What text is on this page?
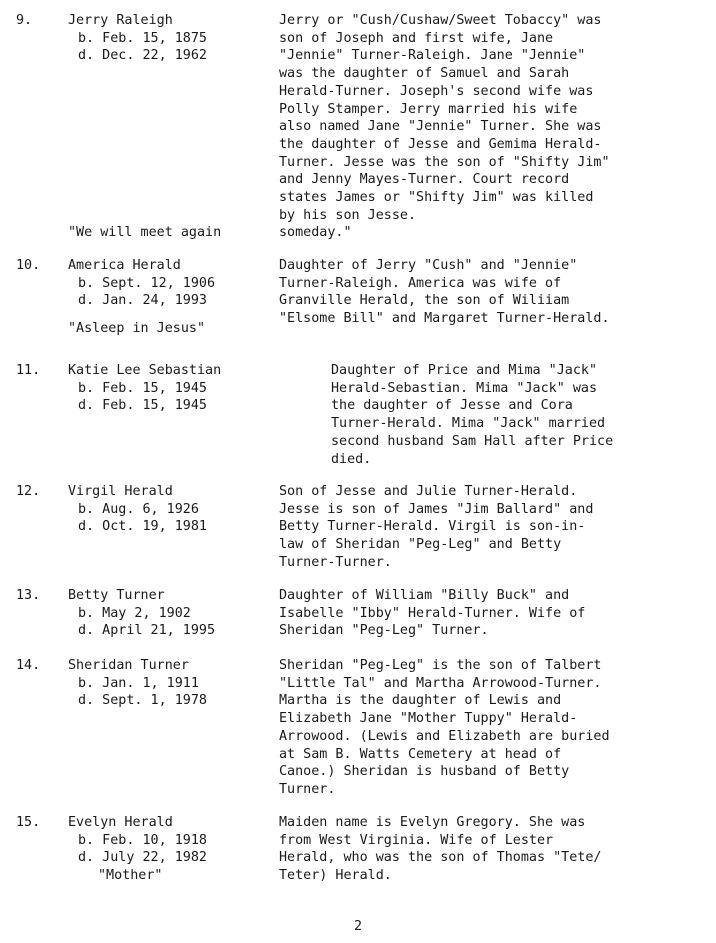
9.	Jerry Raleigh
b. Feb. 15, 1875
d. Dec. 22, 1962
Jerry or "Cush/Cushaw/Sweet Tobaccy" was
son of Joseph and first wife, Jane
"Jennie" Turner-Raleigh. Jane "Jennie"
was the daughter of Samuel and Sarah
Herald-Turner. Joseph's second wife was
Polly Stamper. Jerry married his wife
also named Jane "Jennie" Turner. She was
the daughter of Jesse and Gemima Herald-
Turner. Jesse was the son of "Shifty Jim"
and Jenny Mayes-Turner. Court record
states James or "Shifty Jim" was killed
by his son Jesse.
someday."
"We will meet again
10. America Herald
b. Sept. 12, 1906
d. Jan. 24, 1993
"Asleep in Jesus"
Daughter of Jerry "Cush" and "Jennie"
Turner-Raleigh. America was wife of
Granville Herald, the son of Wiliiam
"Elsome Bill" and Margaret Turner-Herald.
11. Katie Lee Sebastian
b. Feb. 15, 1945
d. Feb. 15, 1945
Daughter of Price and Mima "Jack"
Herald-Sebastian. Mima "Jack" was
the daughter of Jesse and Cora
Turner-Herald. Mima "Jack" married
second husband Sam Hall after Price
died.
12. Virgil Herald
b. Aug. 6, 1926
d. Oct. 19, 1981
Son of Jesse and Julie Turner-Herald.
Jesse is son of James "Jim Ballard" and
Betty Turner-Herald. Virgil is son-in-
law of Sheridan "Peg-Leg" and Betty
Turner-Turner.
13. Betty Turner
b. May 2, 1902
d. April 21, 1995
Daughter of William "Billy Buck" and
Isabelle "Ibby" Herald-Turner. Wife of
Sheridan "Peg-Leg" Turner.
14. Sheridan Turner
b. Jan. 1, 1911
d. Sept. 1, 1978
Sheridan "Peg-Leg" is the son of Talbert
"Little Tal" and Martha Arrowood-Turner.
Martha is the daughter of Lewis and
Elizabeth Jane "Mother Tuppy" Herald-
Arrowood. (Lewis and Elizabeth are buried
at Sam B. Watts Cemetery at head of
Canoe.) Sheridan is husband of Betty
Turner.
15. Evelyn Herald
b. Feb. 10, 1918
d. July 22, 1982
"Mother"
Maiden name is Evelyn Gregory. She was
from West Virginia. Wife of Lester
Herald, who was the son of Thomas "Tete/
Teter) Herald.
2
